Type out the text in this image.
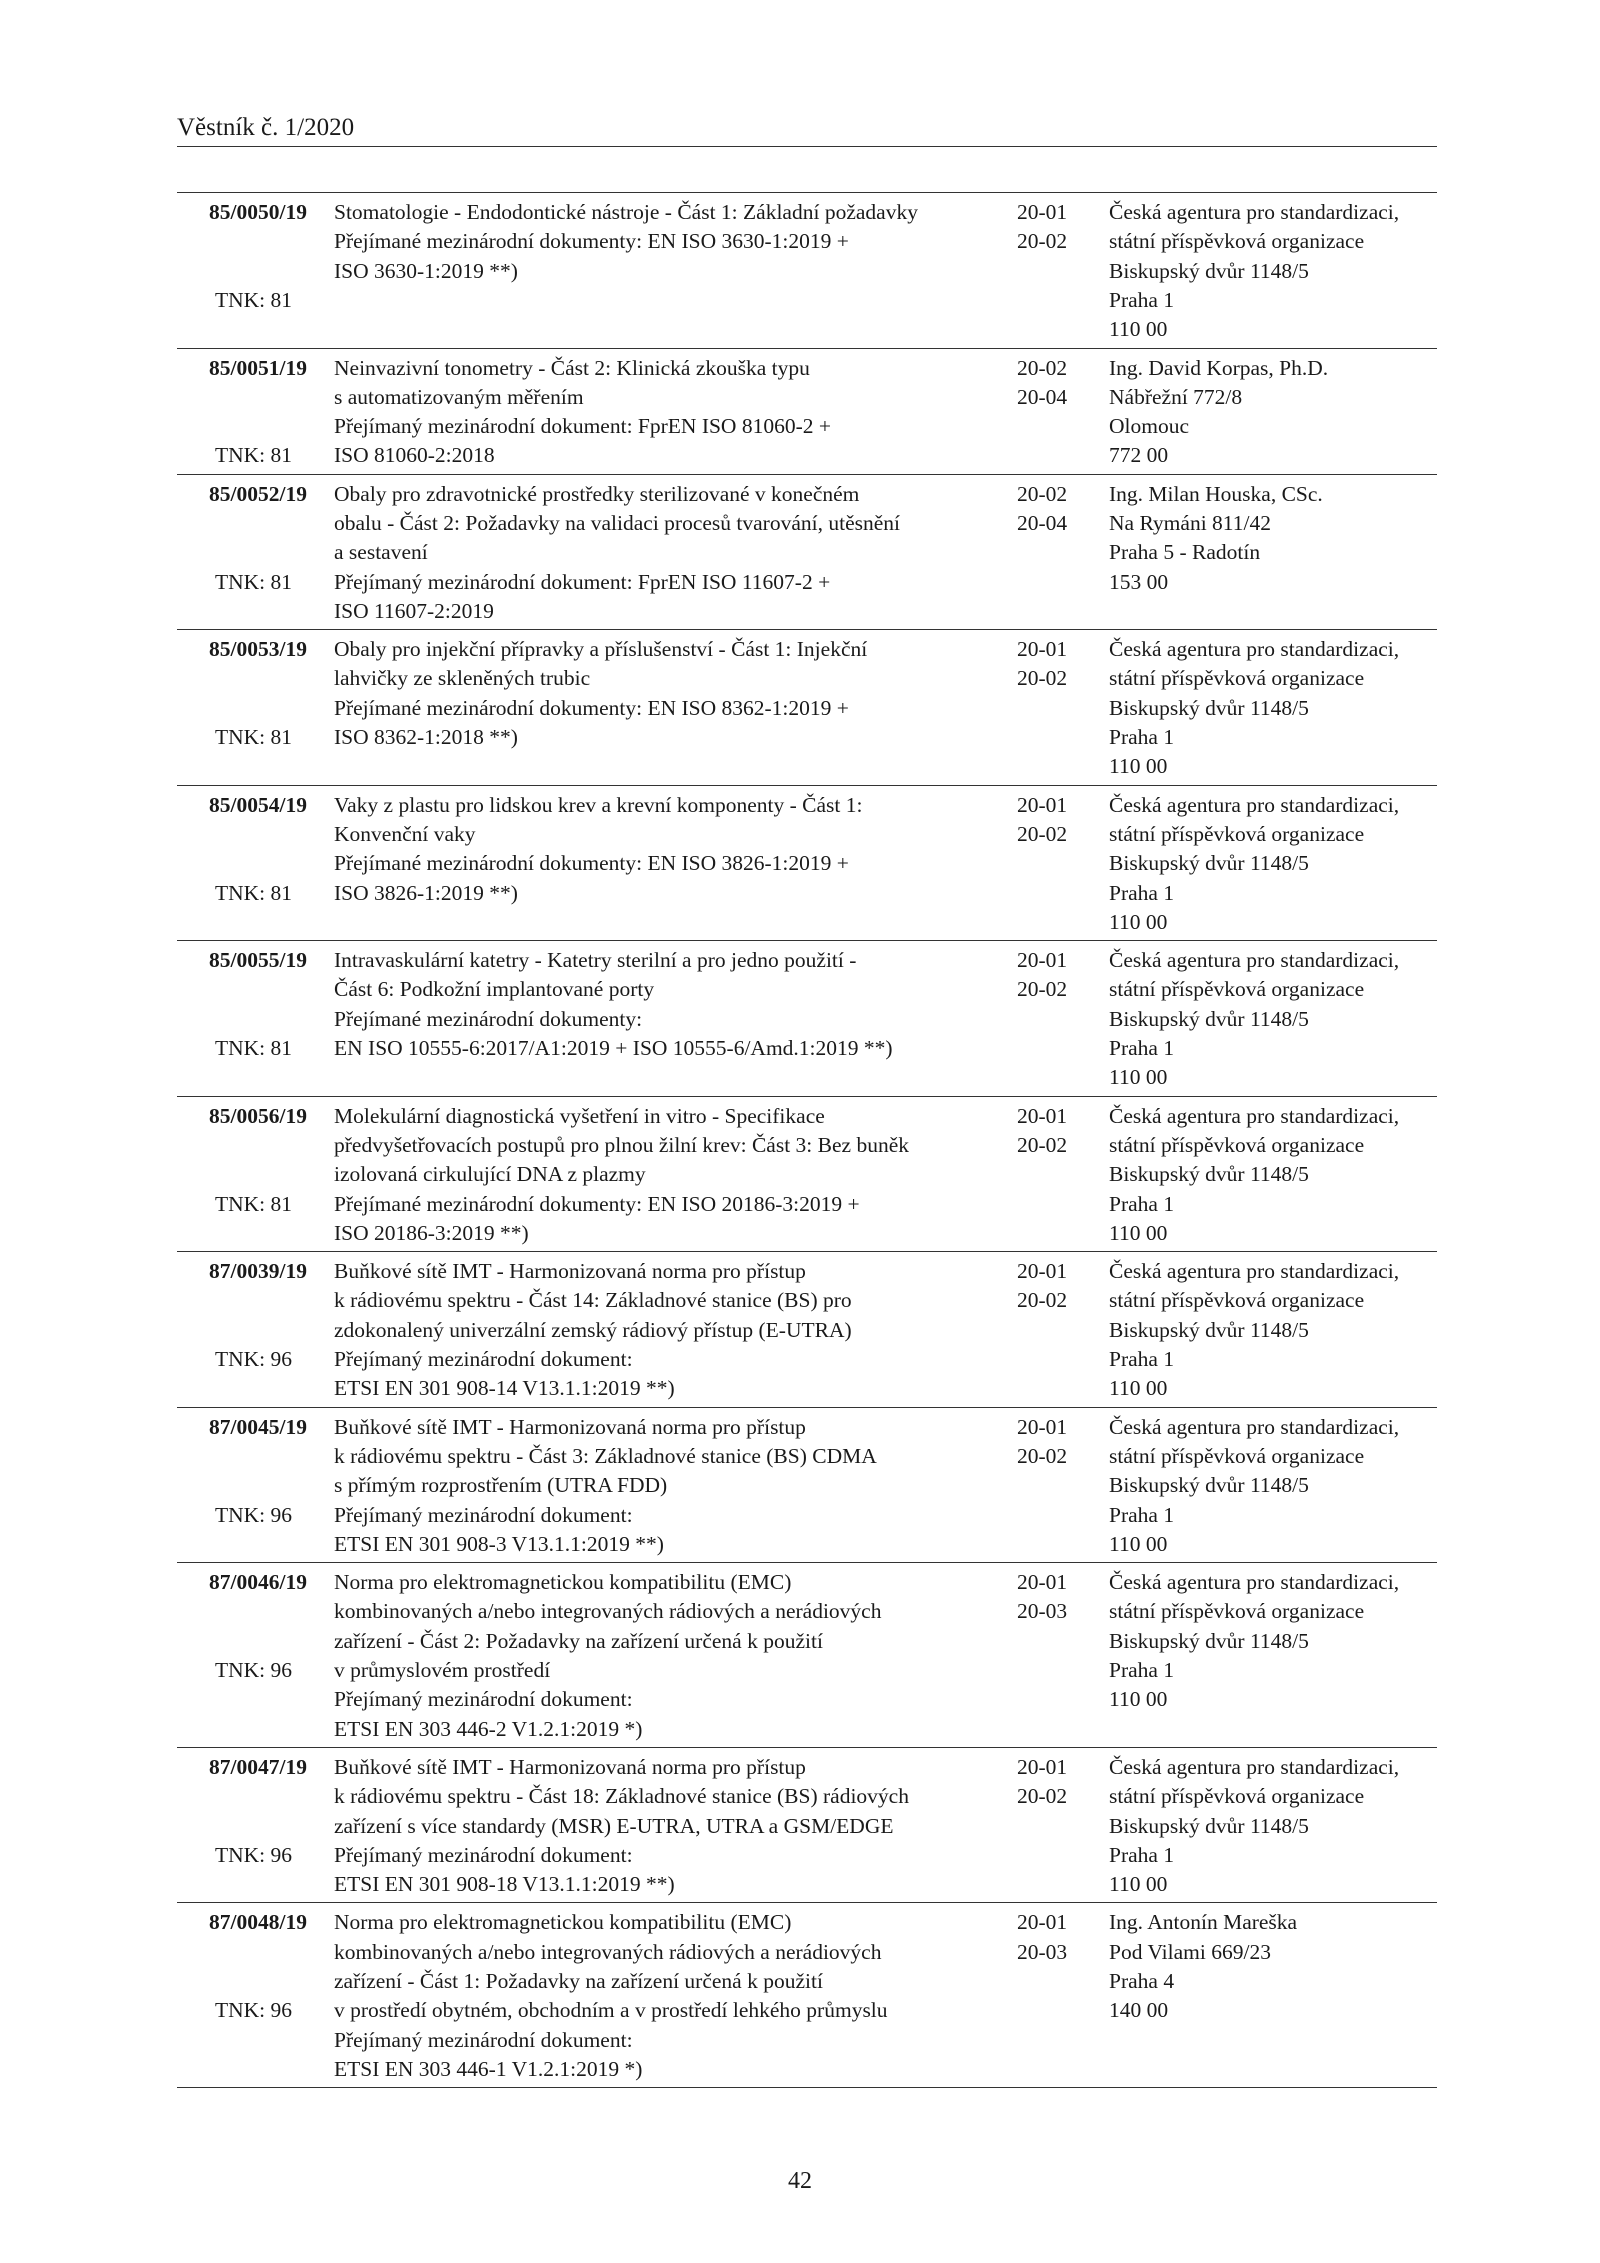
Věstník č. 1/2020
85/0050/19
TNK: 81
Stomatologie - Endodontické nástroje - Část 1: Základní požadavky
Přejímané mezinárodní dokumenty: EN ISO 3630-1:2019 +
ISO 3630-1:2019 **)
20-01
20-02
Česká agentura pro standardizaci,
státní příspěvková organizace
Biskupský dvůr 1148/5
Praha 1
110 00
85/0051/19
TNK: 81
Neinvazivní tonometry - Část 2: Klinická zkouška typu
s automatizovaným měřením
Přejímaný mezinárodní dokument: FprEN ISO 81060-2 +
ISO 81060-2:2018
20-02
20-04
Ing. David Korpas, Ph.D.
Nábřežní 772/8
Olomouc
772 00
85/0052/19
TNK: 81
Obaly pro zdravotnické prostředky sterilizované v konečném
obalu - Část 2: Požadavky na validaci procesů tvarování, utěsnění
a sestavení
Přejímaný mezinárodní dokument: FprEN ISO 11607-2 +
ISO 11607-2:2019
20-02
20-04
Ing. Milan Houska, CSc.
Na Rymáni 811/42
Praha 5 - Radotín
153 00
85/0053/19
TNK: 81
Obaly pro injekční přípravky a příslušenství - Část 1: Injekční
lahvičky ze skleněných trubic
Přejímané mezinárodní dokumenty: EN ISO 8362-1:2019 +
ISO 8362-1:2018 **)
20-01
20-02
Česká agentura pro standardizaci,
státní příspěvková organizace
Biskupský dvůr 1148/5
Praha 1
110 00
85/0054/19
TNK: 81
Vaky z plastu pro lidskou krev a krevní komponenty - Část 1:
Konvenční vaky
Přejímané mezinárodní dokumenty: EN ISO 3826-1:2019 +
ISO 3826-1:2019 **)
20-01
20-02
Česká agentura pro standardizaci,
státní příspěvková organizace
Biskupský dvůr 1148/5
Praha 1
110 00
85/0055/19
TNK: 81
Intravaskulární katetry - Katetry sterilní a pro jedno použití -
Část 6: Podkožní implantované porty
Přejímané mezinárodní dokumenty:
EN ISO 10555-6:2017/A1:2019 + ISO 10555-6/Amd.1:2019 **)
20-01
20-02
Česká agentura pro standardizaci,
státní příspěvková organizace
Biskupský dvůr 1148/5
Praha 1
110 00
85/0056/19
TNK: 81
Molekulární diagnostická vyšetření in vitro - Specifikace
předvyšetřovacích postupů pro plnou žilní krev: Část 3: Bez buněk
izolovaná cirkulující DNA z plazmy
Přejímané mezinárodní dokumenty: EN ISO 20186-3:2019 +
ISO 20186-3:2019 **)
20-01
20-02
Česká agentura pro standardizaci,
státní příspěvková organizace
Biskupský dvůr 1148/5
Praha 1
110 00
87/0039/19
TNK: 96
Buňkové sítě IMT - Harmonizovaná norma pro přístup
k rádiovému spektru - Část 14: Základnové stanice (BS) pro
zdokonalený univerzální zemský rádiový přístup (E-UTRA)
Přejímaný mezinárodní dokument:
ETSI EN 301 908-14 V13.1.1:2019 **)
20-01
20-02
Česká agentura pro standardizaci,
státní příspěvková organizace
Biskupský dvůr 1148/5
Praha 1
110 00
87/0045/19
TNK: 96
Buňkové sítě IMT - Harmonizovaná norma pro přístup
k rádiovému spektru - Část 3: Základnové stanice (BS) CDMA
s přímým rozprostřením (UTRA FDD)
Přejímaný mezinárodní dokument:
ETSI EN 301 908-3 V13.1.1:2019 **)
20-01
20-02
Česká agentura pro standardizaci,
státní příspěvková organizace
Biskupský dvůr 1148/5
Praha 1
110 00
87/0046/19
TNK: 96
Norma pro elektromagnetickou kompatibilitu (EMC)
kombinovaných a/nebo integrovaných rádiových a nerádiových
zařízení - Část 2: Požadavky na zařízení určená k použití
v průmyslovém prostředí
Přejímaný mezinárodní dokument:
ETSI EN 303 446-2 V1.2.1:2019 *)
20-01
20-03
Česká agentura pro standardizaci,
státní příspěvková organizace
Biskupský dvůr 1148/5
Praha 1
110 00
87/0047/19
TNK: 96
Buňkové sítě IMT - Harmonizovaná norma pro přístup
k rádiovému spektru - Část 18: Základnové stanice (BS) rádiových
zařízení s více standardy (MSR) E-UTRA, UTRA a GSM/EDGE
Přejímaný mezinárodní dokument:
ETSI EN 301 908-18 V13.1.1:2019 **)
20-01
20-02
Česká agentura pro standardizaci,
státní příspěvková organizace
Biskupský dvůr 1148/5
Praha 1
110 00
87/0048/19
TNK: 96
Norma pro elektromagnetickou kompatibilitu (EMC)
kombinovaných a/nebo integrovaných rádiových a nerádiových
zařízení - Část 1: Požadavky na zařízení určená k použití
v prostředí obytném, obchodním a v prostředí lehkého průmyslu
Přejímaný mezinárodní dokument:
ETSI EN 303 446-1 V1.2.1:2019 *)
20-01
20-03
Ing. Antonín Mareška
Pod Vilami 669/23
Praha 4
140 00
42
